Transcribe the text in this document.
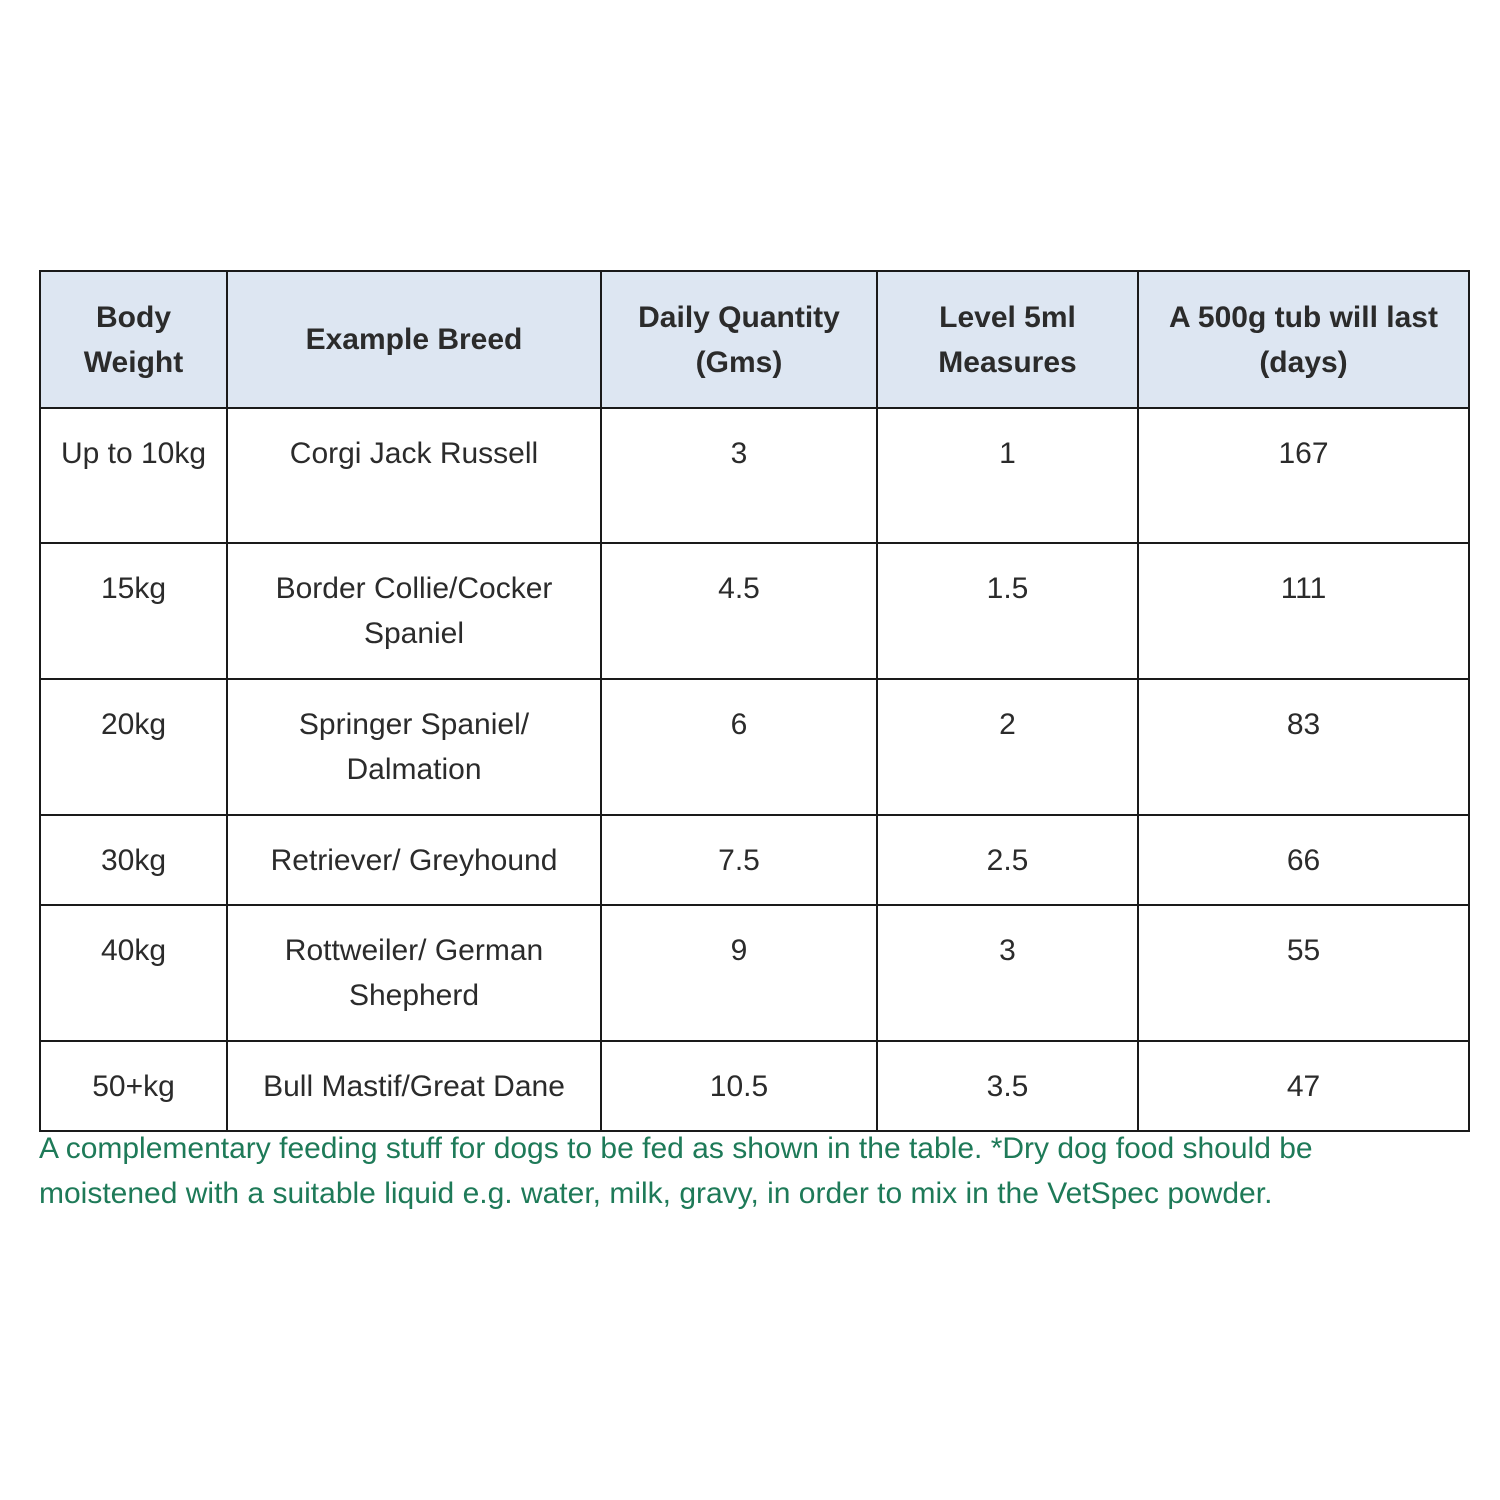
Body Weight	Example Breed	Daily Quantity (Gms)	Level 5ml Measures	A 500g tub will last (days)
Up to 10kg	Corgi Jack Russell	3	1	167
15kg	Border Collie/Cocker Spaniel	4.5	1.5	111
20kg	Springer Spaniel/ Dalmation	6	2	83
30kg	Retriever/ Greyhound	7.5	2.5	66
40kg	Rottweiler/ German Shepherd	9	3	55
50+kg	Bull Mastif/Great Dane	10.5	3.5	47

A complementary feeding stuff for dogs to be fed as shown in the table. *Dry dog food should be moistened with a suitable liquid e.g. water, milk, gravy, in order to mix in the VetSpec powder.
